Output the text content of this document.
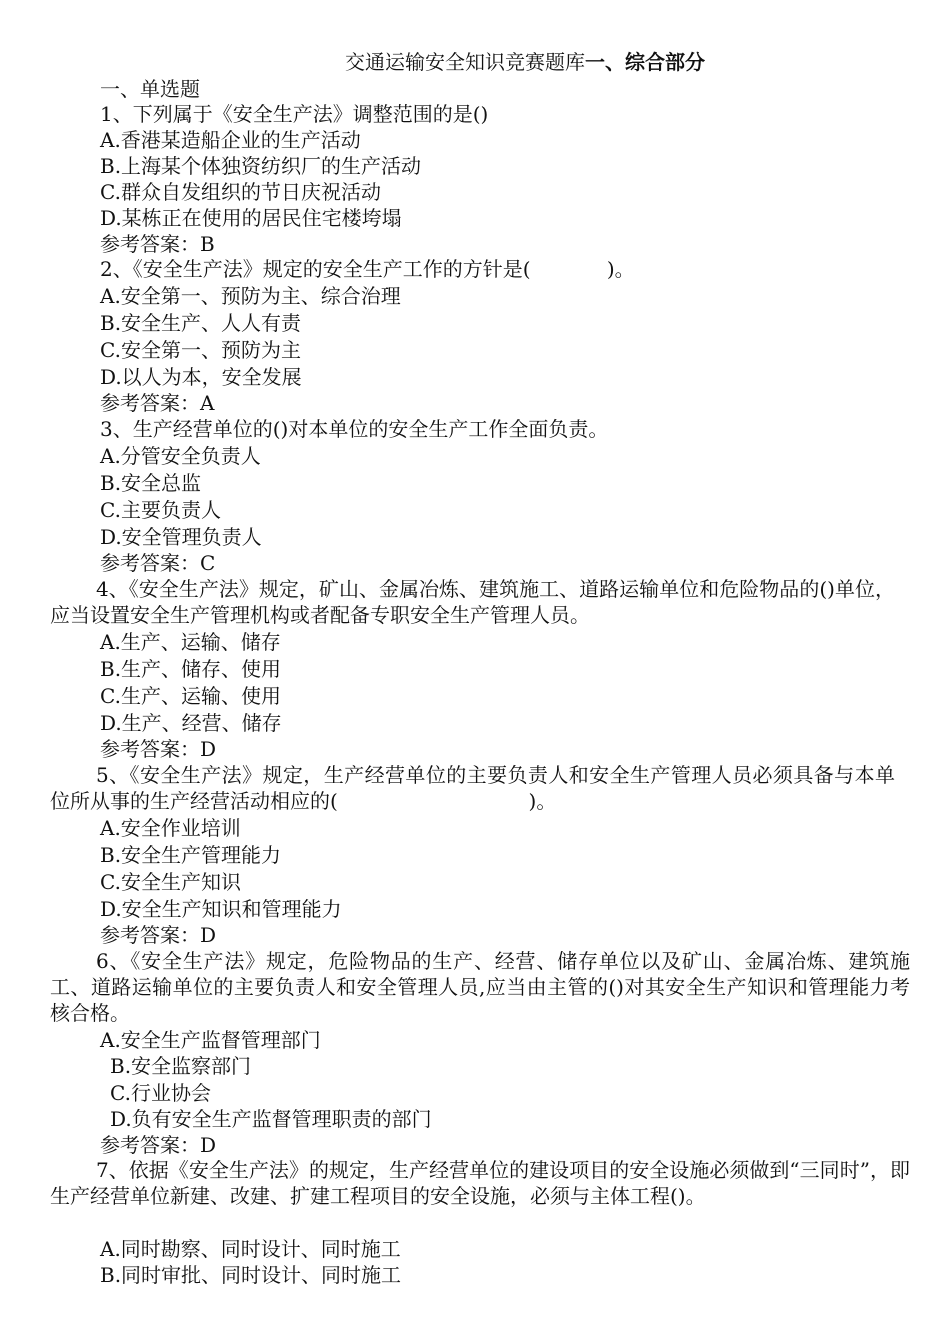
交通运输安全知识竞赛题库一、综合部分
一、单选题
1、下列属于《安全生产法》调整范围的是()
A.香港某造船企业的生产活动
B.上海某个体独资纺织厂的生产活动
C.群众自发组织的节日庆祝活动
D.某栋正在使用的居民住宅楼垮塌
参考答案：B
2、《安全生产法》规定的安全生产工作的方针是(            )。
A.安全第一、预防为主、综合治理
B.安全生产、人人有责
C.安全第一、预防为主
D.以人为本，安全发展
参考答案：A
3、生产经营单位的()对本单位的安全生产工作全面负责。
A.分管安全负责人
B.安全总监
C.主要负责人
D.安全管理负责人
参考答案：C
4、《安全生产法》规定，矿山、金属冶炼、建筑施工、道路运输单位和危险物品的()单位，应当设置安全生产管理机构或者配备专职安全生产管理人员。
A.生产、运输、储存
B.生产、储存、使用
C.生产、运输、使用
D.生产、经营、储存
参考答案：D
5、《安全生产法》规定，生产经营单位的主要负责人和安全生产管理人员必须具备与本单位所从事的生产经营活动相应的(                              )。
A.安全作业培训
B.安全生产管理能力
C.安全生产知识
D.安全生产知识和管理能力
参考答案：D
6、《安全生产法》规定，危险物品的生产、经营、储存单位以及矿山、金属冶炼、建筑施工、道路运输单位的主要负责人和安全管理人员,应当由主管的()对其安全生产知识和管理能力考核合格。
A.安全生产监督管理部门
B.安全监察部门
C.行业协会
D.负有安全生产监督管理职责的部门
参考答案：D
7、依据《安全生产法》的规定，生产经营单位的建设项目的安全设施必须做到“三同时”，即生产经营单位新建、改建、扩建工程项目的安全设施，必须与主体工程()。
A.同时勘察、同时设计、同时施工
B.同时审批、同时设计、同时施工
